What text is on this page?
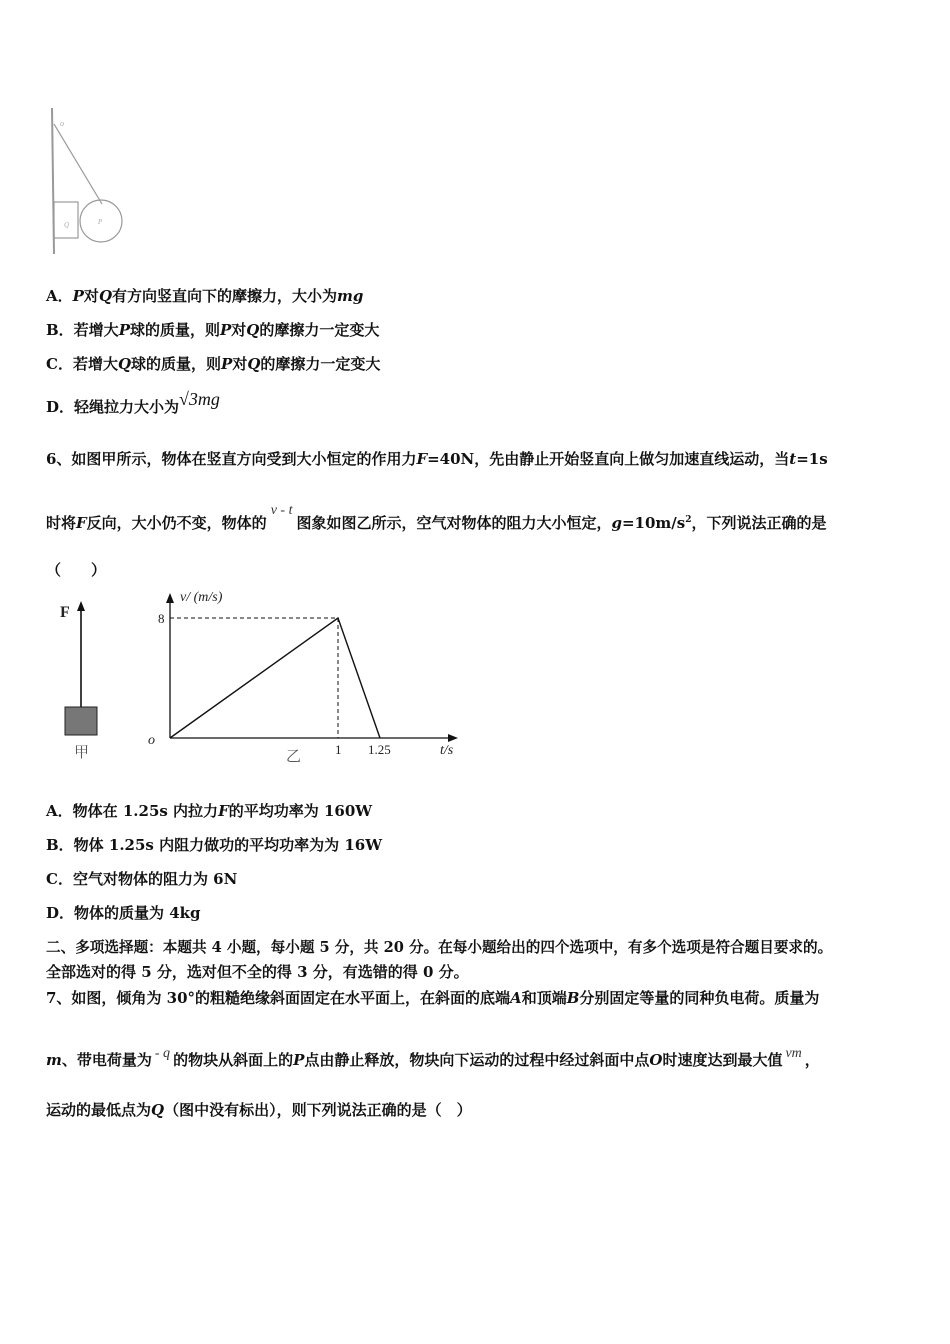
o
Q	P
A．P对Q有方向竖直向下的摩擦力，大小为mg
B．若增大P球的质量，则P对Q的摩擦力一定变大
C．若增大Q球的质量，则P对Q的摩擦力一定变大
D．轻绳拉力大小为√3mg
6、如图甲所示，物体在竖直方向受到大小恒定的作用力F=40N，先由静止开始竖直向上做匀加速直线运动，当t=1s
时将F反向，大小仍不变，物体的v - t图象如图乙所示，空气对物体的阻力大小恒定，$g=10m/s^2$，下列说法正确的是
（　　）
F
甲
v/ (m/s)
t/s
o
乙
8
1 1.25
A．物体在 1.25s 内拉力F的平均功率为 160W
B．物体 1.25s 内阻力做功的平均功率为为 16W
C．空气对物体的阻力为 6N
D．物体的质量为 4kg
二、多项选择题：本题共 4 小题，每小题 5 分，共 20 分。在每小题给出的四个选项中，有多个选项是符合题目要求的。
全部选对的得 5 分，选对但不全的得 3 分，有选错的得 0 分。
7、如图，倾角为 30°的粗糙绝缘斜面固定在水平面上，在斜面的底端A和顶端B分别固定等量的同种负电荷。质量为
m、带电荷量为 - q 的物块从斜面上的P点由静止释放，物块向下运动的过程中经过斜面中点O时速度达到最大值 vm ，
运动的最低点为Q（图中没有标出），则下列说法正确的是（　）
